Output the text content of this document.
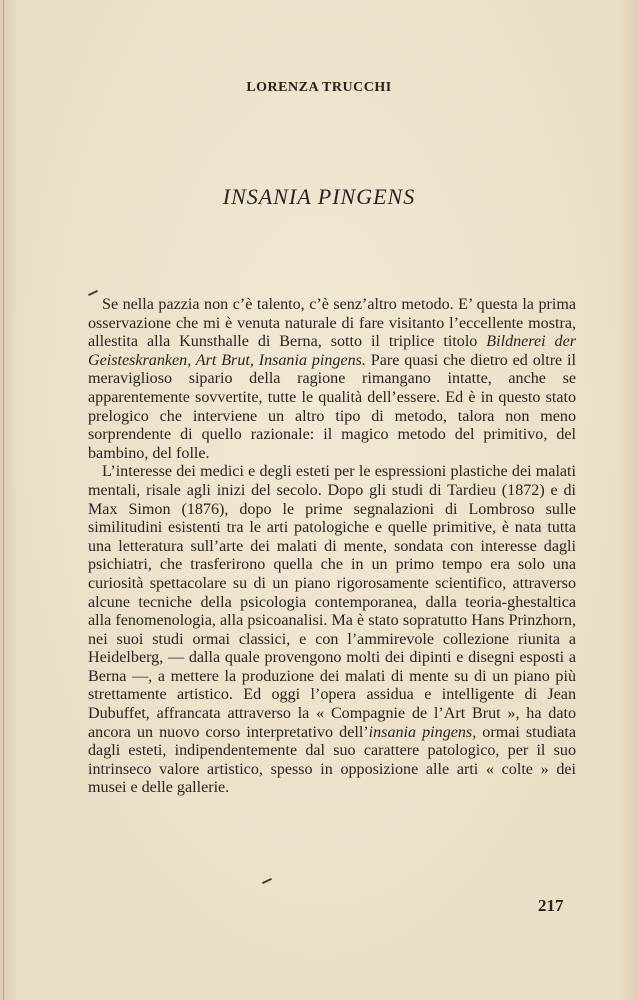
LORENZA TRUCCHI
INSANIA PINGENS

Se nella pazzia non c’è talento, c’è senz’altro metodo. E’ questa la prima osservazione che mi è venuta naturale di fare visitanto l’eccellente mostra, allestita alla Kunsthalle di Berna, sotto il triplice titolo Bildnerei der Geisteskranken, Art Brut, Insania pingens. Pare quasi che dietro ed oltre il meraviglioso sipario della ragione rimangano intatte, anche se apparentemente sovvertite, tutte le qualità dell’essere. Ed è in questo stato prelogico che interviene un altro tipo di metodo, talora non meno sorprendente di quello razionale: il magico metodo del primitivo, del bambino, del folle.

L’interesse dei medici e degli esteti per le espressioni plastiche dei malati mentali, risale agli inizi del secolo. Dopo gli studi di Tardieu (1872) e di Max Simon (1876), dopo le prime segnalazioni di Lombroso sulle similitudini esistenti tra le arti patologiche e quelle primitive, è nata tutta una letteratura sull’arte dei malati di mente, sondata con interesse dagli psichiatri, che trasferirono quella che in un primo tempo era solo una curiosità spettacolare su di un piano rigorosamente scientifico, attraverso alcune tecniche della psicologia contemporanea, dalla teoria-ghestaltica alla fenomenologia, alla psicoanalisi. Ma è stato sopratutto Hans Prinzhorn, nei suoi studi ormai classici, e con l’ammirevole collezione riunita a Heidelberg, — dalla quale provengono molti dei dipinti e disegni esposti a Berna —, a mettere la produzione dei malati di mente su di un piano più strettamente artistico. Ed oggi l’opera assidua e intelligente di Jean Dubuffet, affrancata attraverso la « Compagnie de l’Art Brut », ha dato ancora un nuovo corso interpretativo dell’insania pingens, ormai studiata dagli esteti, indipendentemente dal suo carattere patologico, per il suo intrinseco valore artistico, spesso in opposizione alle arti « colte » dei musei e delle gallerie.

217
